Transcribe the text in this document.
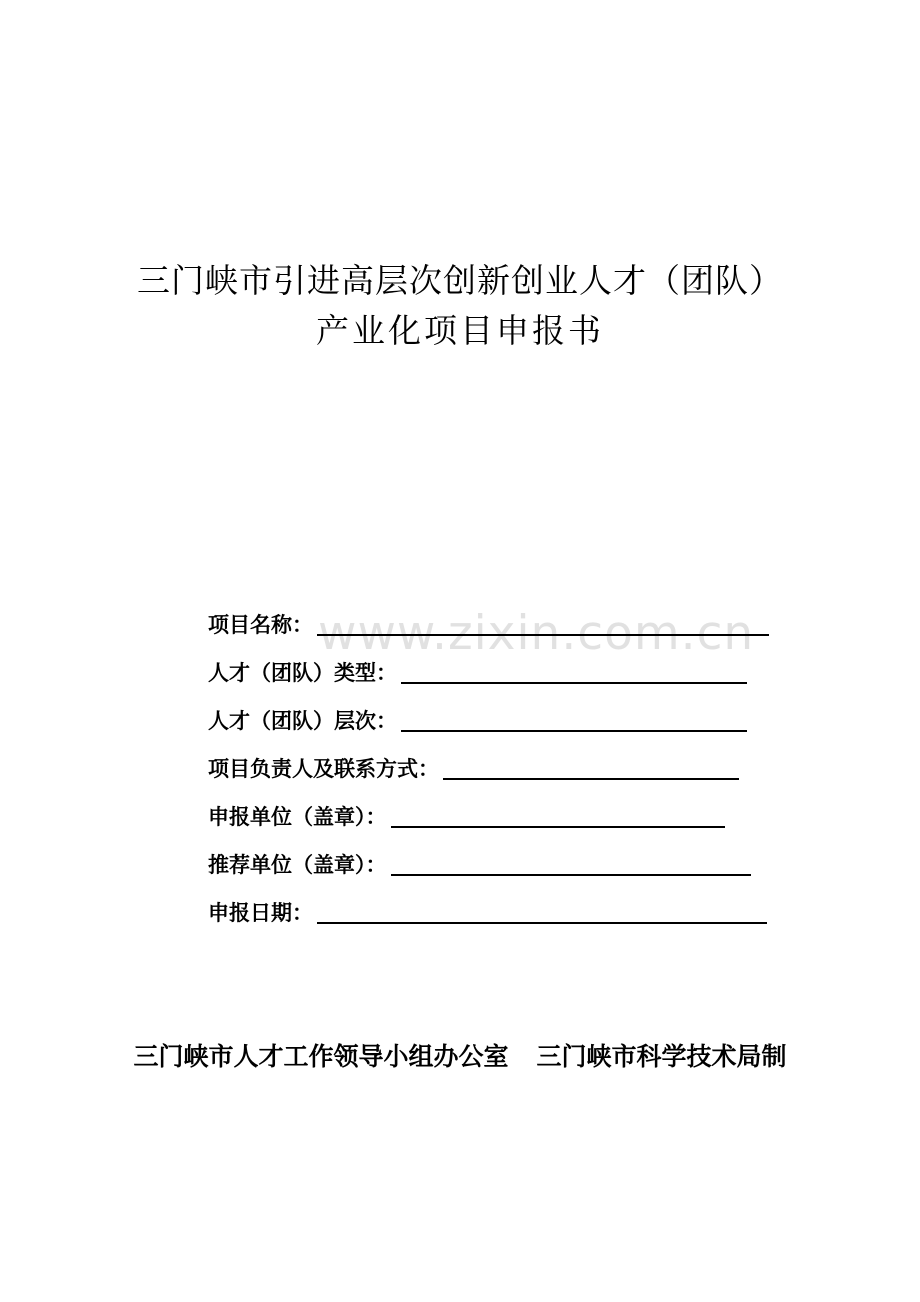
三门峡市引进高层次创新创业人才（团队）
产业化项目申报书
www.zixin.com.cn
项目名称：
人才（团队）类型：
人才（团队）层次：
项目负责人及联系方式：
申报单位（盖章）：
推荐单位（盖章）：
申报日期：
三门峡市人才工作领导小组办公室 三门峡市科学技术局制
